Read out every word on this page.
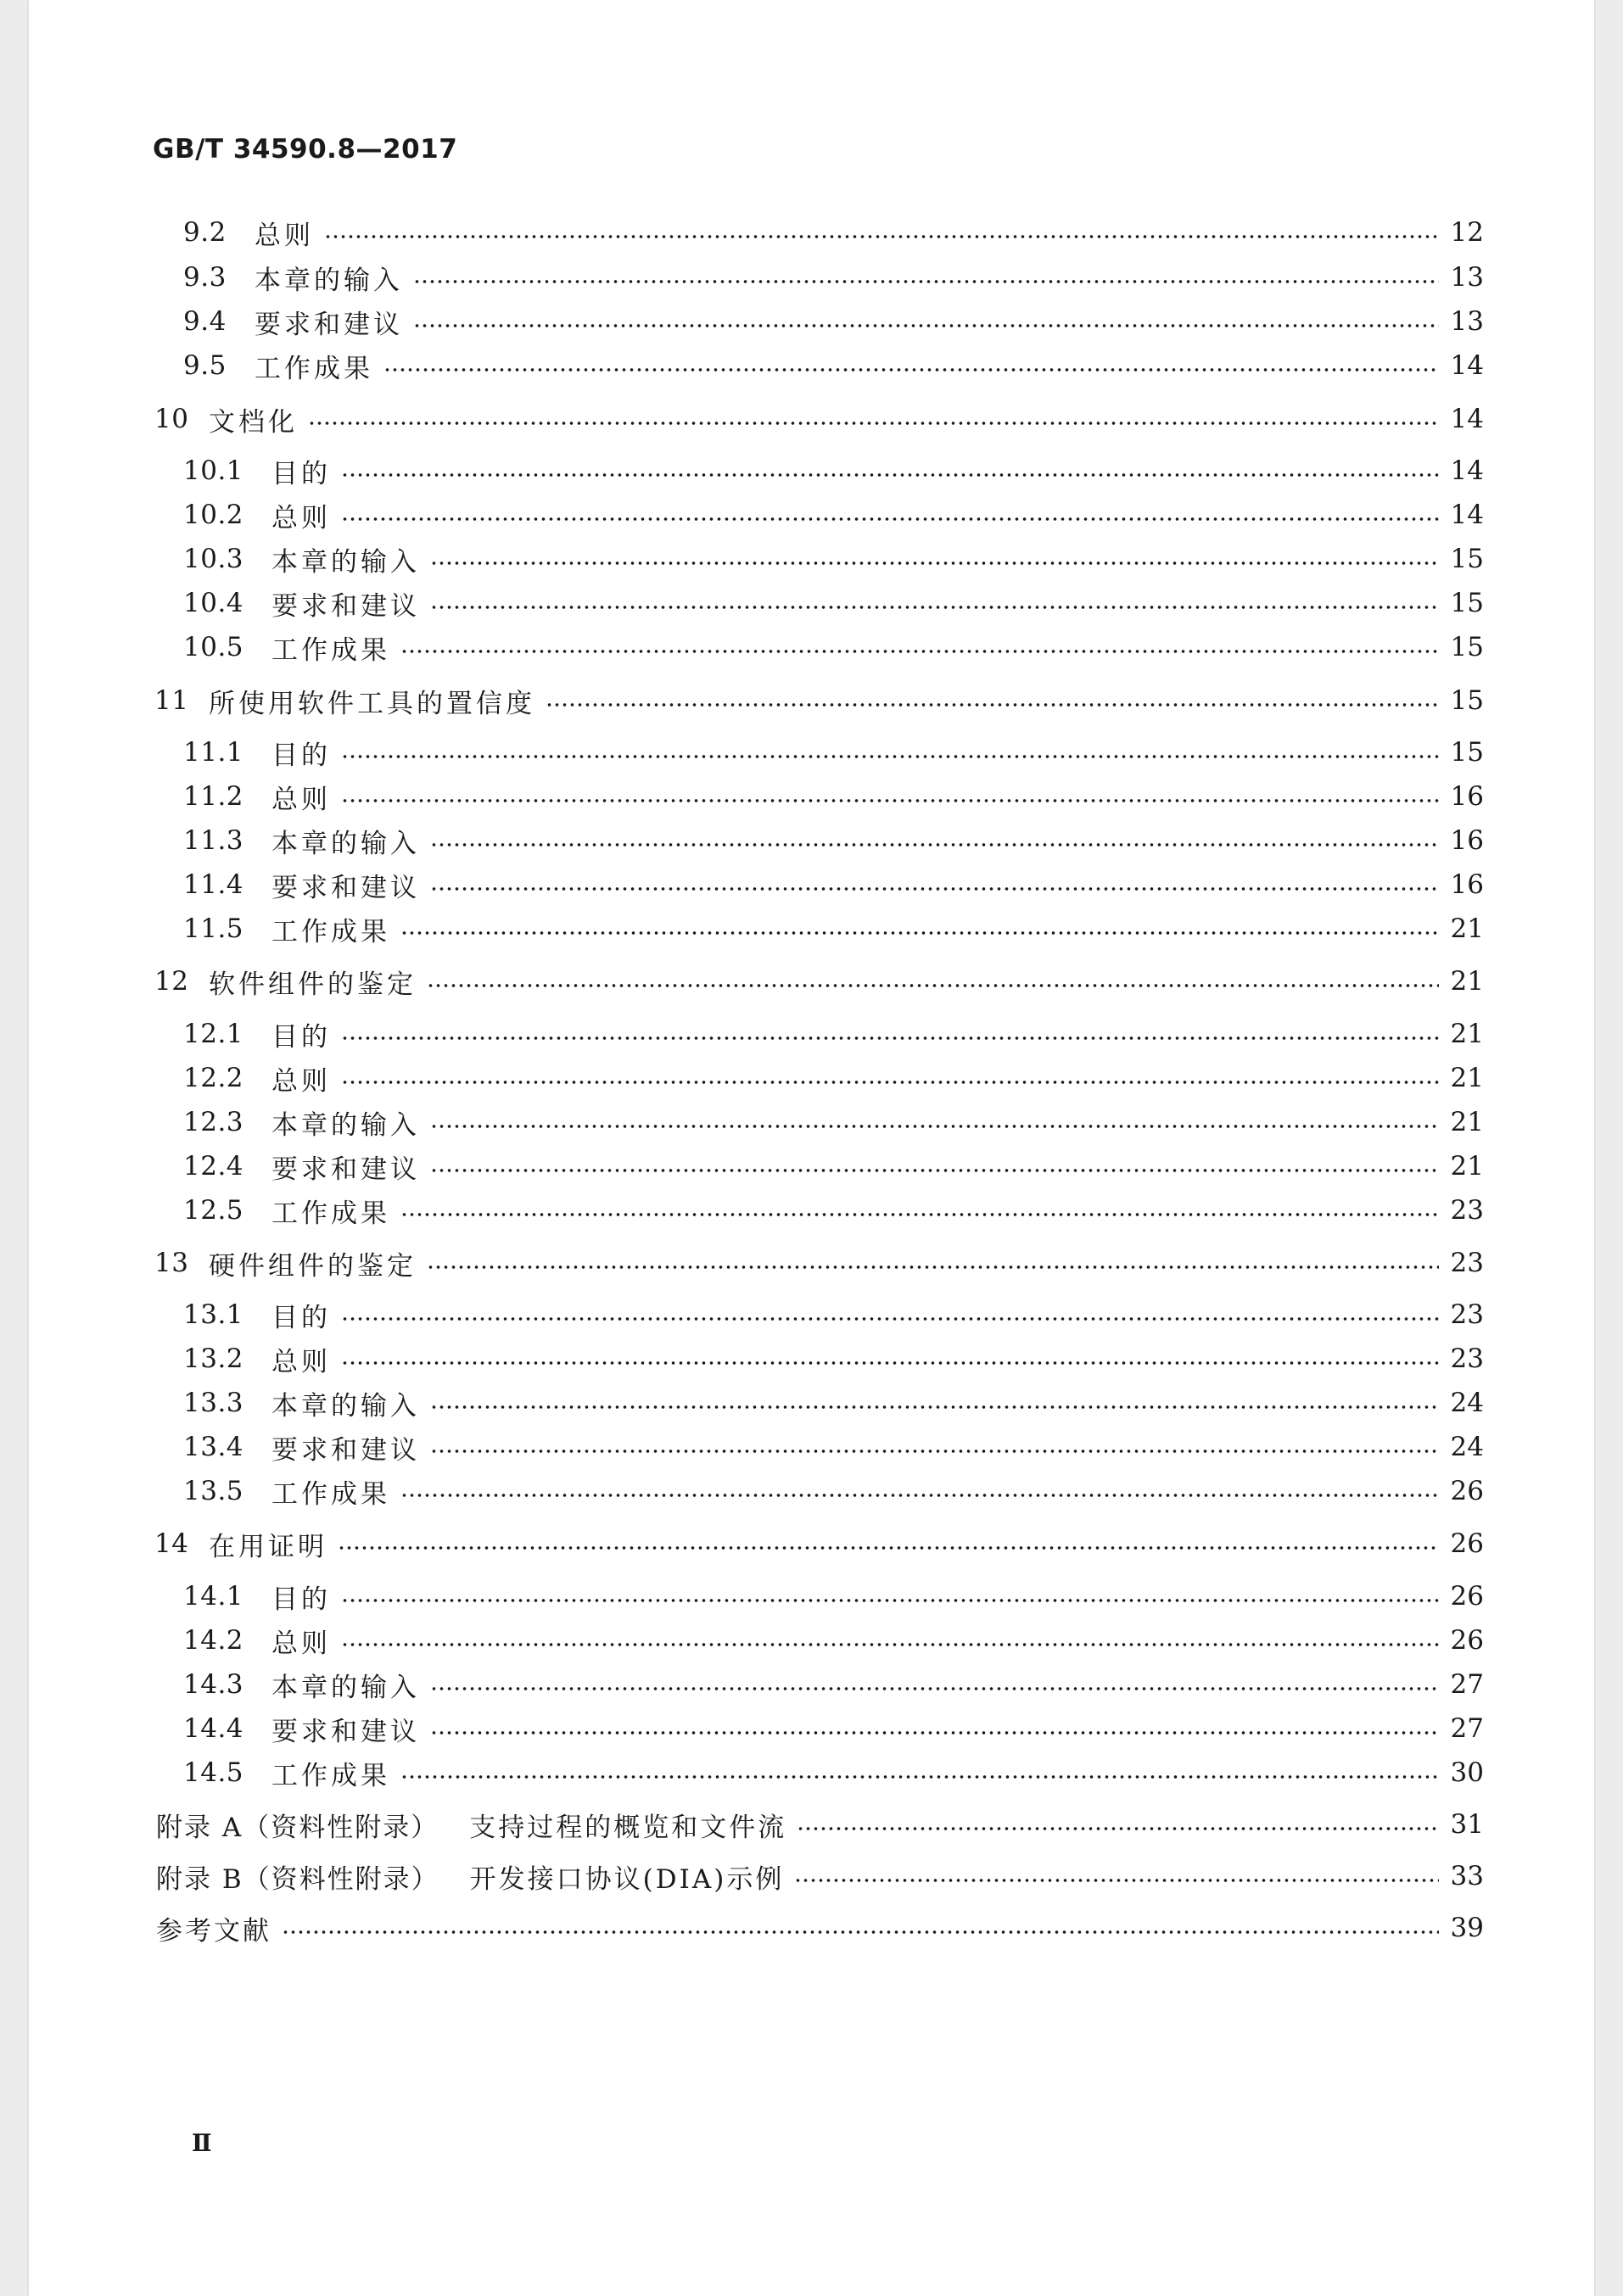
GB/T 34590.8—2017
9.2	总则	12
9.3	本章的输入	13
9.4	要求和建议	13
9.5	工作成果	14
10 文档化	14
10.1	目的	14
10.2	总则	14
10.3	本章的输入	15
10.4	要求和建议	15
10.5	工作成果	15
11 所使用软件工具的置信度	15
11.1	目的	15
11.2	总则	16
11.3	本章的输入	16
11.4	要求和建议	16
11.5	工作成果	21
12 软件组件的鉴定	21
12.1	目的	21
12.2	总则	21
12.3	本章的输入	21
12.4	要求和建议	21
12.5	工作成果	23
13 硬件组件的鉴定	23
13.1	目的	23
13.2	总则	23
13.3	本章的输入	24
13.4	要求和建议	24
13.5	工作成果	26
14 在用证明	26
14.1	目的	26
14.2	总则	26
14.3	本章的输入	27
14.4	要求和建议	27
14.5	工作成果	30
附录 A（资料性附录） 支持过程的概览和文件流	31
附录 B（资料性附录） 开发接口协议(DIA)示例	33
参考文献	39
Ⅱ
